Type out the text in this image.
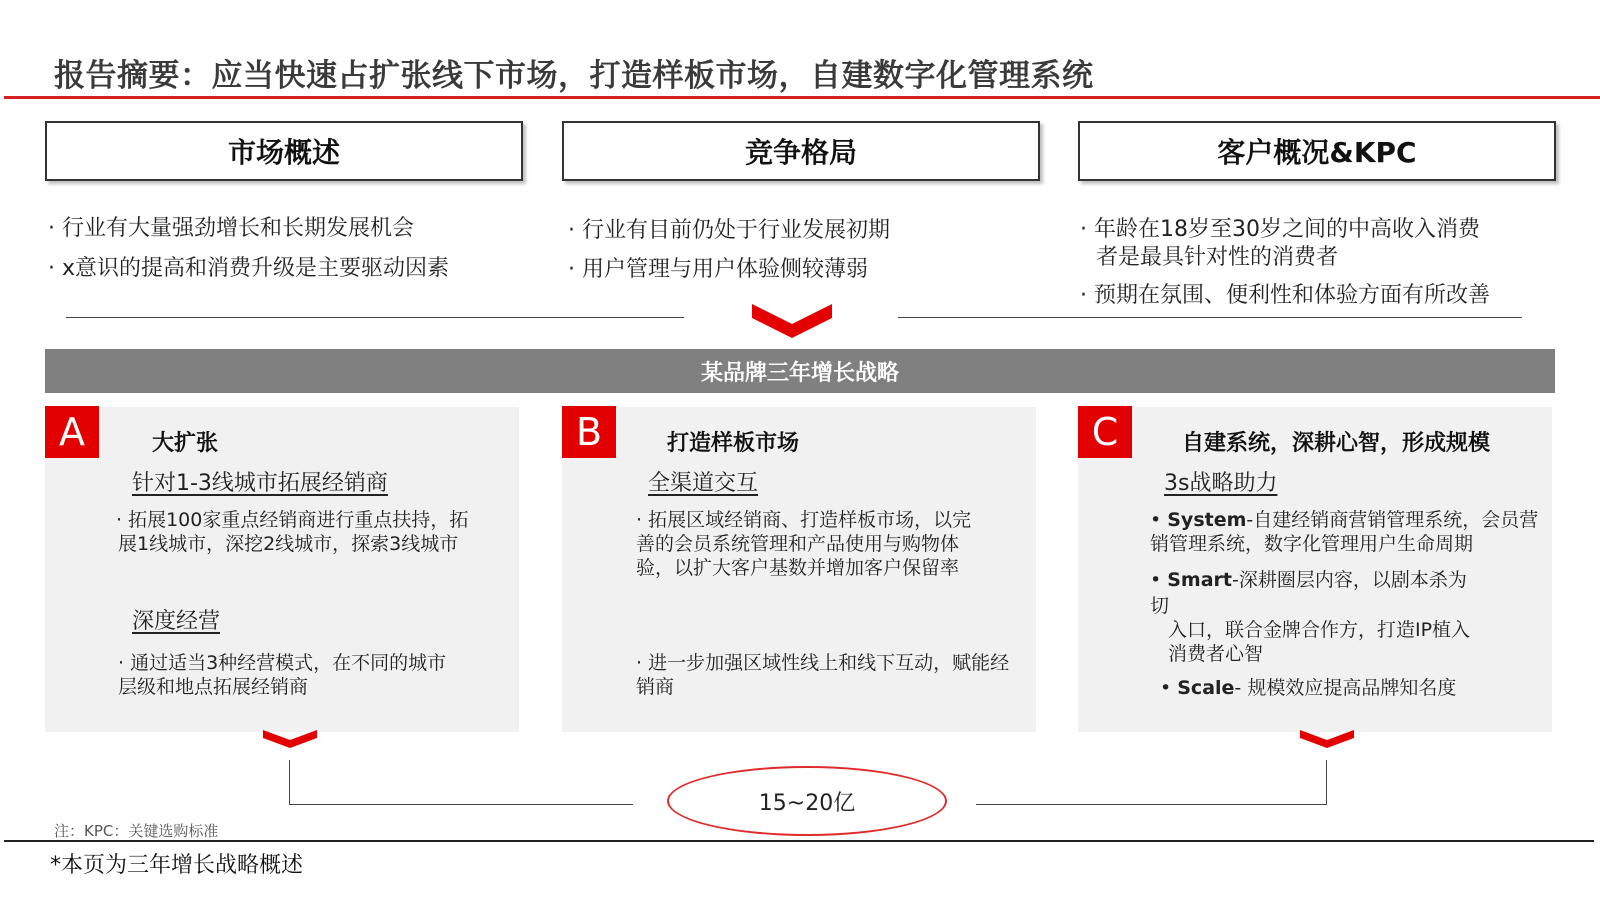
报告摘要：应当快速占扩张线下市场，打造样板市场，自建数字化管理系统
市场概述	竞争格局	客户概况&KPC
· 行业有大量强劲增长和长期发展机会
· x意识的提高和消费升级是主要驱动因素
· 行业有目前仍处于行业发展初期
· 用户管理与用户体验侧较薄弱
· 年龄在18岁至30岁之间的中高收入消费
者是最具针对性的消费者
· 预期在氛围、便利性和体验方面有所改善
某品牌三年增长战略
A	大扩张
针对1-3线城市拓展经销商
· 拓展100家重点经销商进行重点扶持，拓展1线城市，深挖2线城市，探索3线城市
深度经营
· 通过适当3种经营模式，在不同的城市层级和地点拓展经销商
B	打造样板市场
全渠道交互
· 拓展区域经销商、打造样板市场，以完善的会员系统管理和产品使用与购物体验，以扩大客户基数并增加客户保留率
· 进一步加强区域性线上和线下互动，赋能经销商
C	自建系统，深耕心智，形成规模
3s战略助力
• System-自建经销商营销管理系统，会员营销管理系统，数字化管理用户生命周期
• Smart-深耕圈层内容，以剧本杀为
切
入口，联合金牌合作方，打造IP植入
消费者心智
• Scale- 规模效应提高品牌知名度
15~20亿
注：KPC：关键选购标准
*本页为三年增长战略概述
